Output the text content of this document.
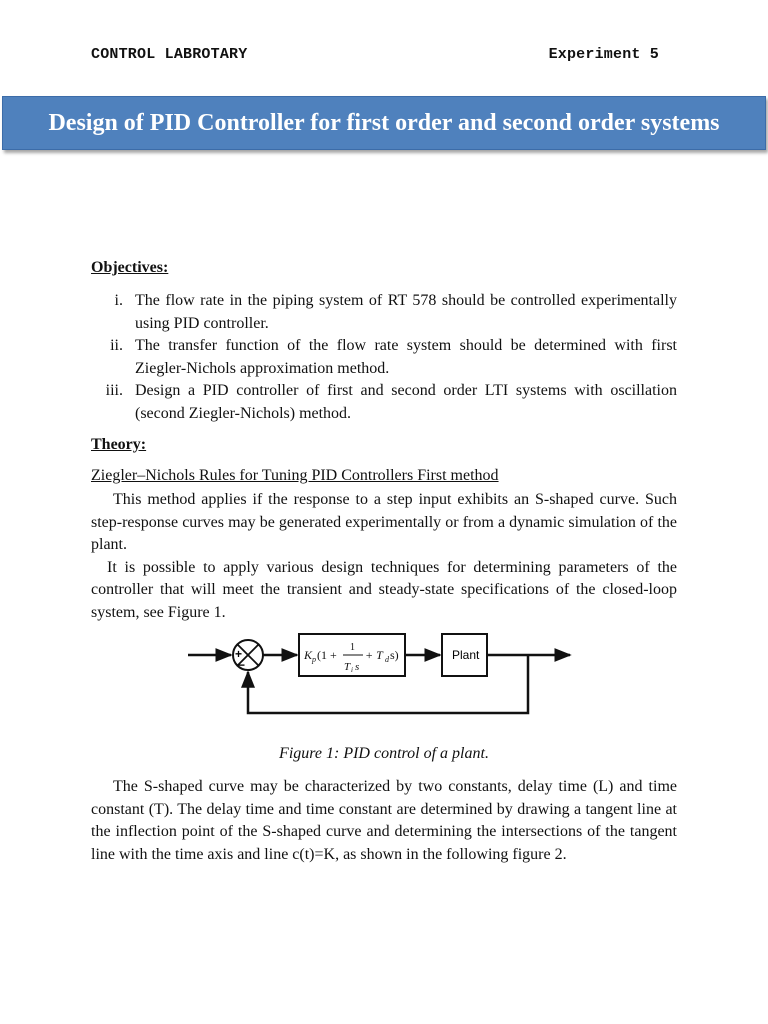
CONTROL LABROTARY	Experiment 5
Design of PID Controller for first order and second order systems
Objectives:
i. The flow rate in the piping system of RT 578 should be controlled experimentally using PID controller.
ii. The transfer function of the flow rate system should be determined with first Ziegler-Nichols approximation method.
iii. Design a PID controller of first and second order LTI systems with oscillation (second Ziegler-Nichols) method.
Theory:
Ziegler–Nichols Rules for Tuning PID Controllers First method

This method applies if the response to a step input exhibits an S-shaped curve. Such step-response curves may be generated experimentally or from a dynamic simulation of the plant.

It is possible to apply various design techniques for determining parameters of the controller that will meet the transient and steady-state specifications of the closed-loop system, see Figure 1.

+
−
K p (1 +
1
T i s
+ T d s)	Plant
Figure 1: PID control of a plant.

The S-shaped curve may be characterized by two constants, delay time (L) and time constant (T). The delay time and time constant are determined by drawing a tangent line at the inflection point of the S-shaped curve and determining the intersections of the tangent line with the time axis and line c(t)=K, as shown in the following figure 2.
